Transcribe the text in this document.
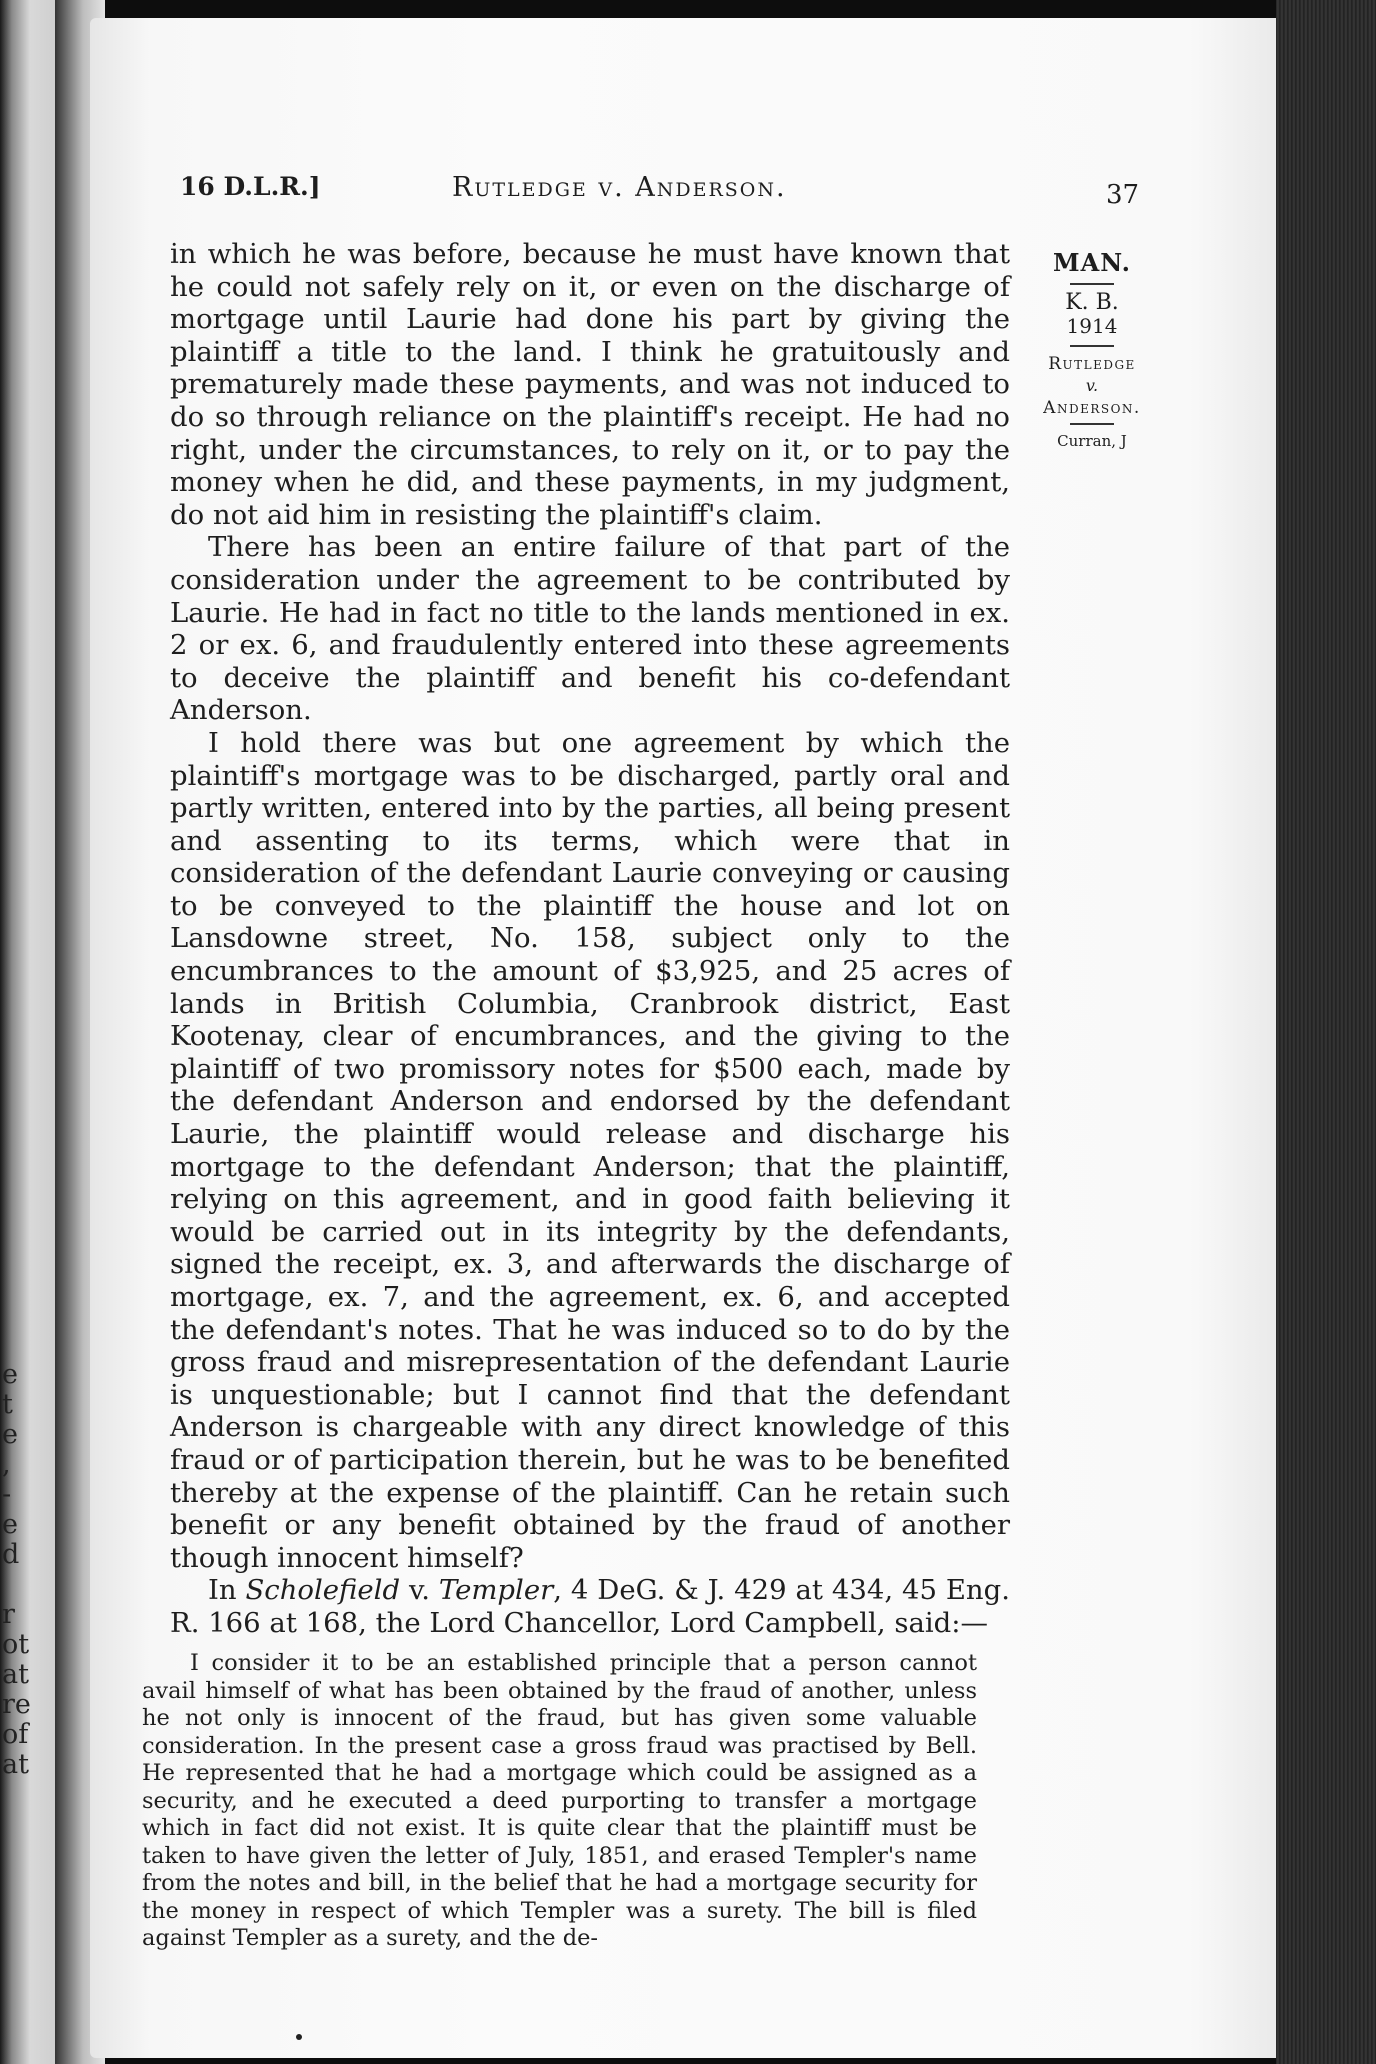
e
t
e
,
-
e
d
r
ot
at
re
of
at
16 D.L.R.]	Rutledge v. Anderson.	37
MAN.
K. B.
1914
Rutledge
v.
Anderson.
Curran, J

in which he was before, because he must have known that he could not safely rely on it, or even on the discharge of mortgage until Laurie had done his part by giving the plaintiff a title to the land. I think he gratuitously and prematurely made these payments, and was not induced to do so through reliance on the plaintiff's receipt. He had no right, under the circumstances, to rely on it, or to pay the money when he did, and these payments, in my judgment, do not aid him in resisting the plaintiff's claim.

There has been an entire failure of that part of the consideration under the agreement to be contributed by Laurie. He had in fact no title to the lands mentioned in ex. 2 or ex. 6, and fraudulently entered into these agreements to deceive the plaintiff and benefit his co-defendant Anderson.

I hold there was but one agreement by which the plaintiff's mortgage was to be discharged, partly oral and partly written, entered into by the parties, all being present and assenting to its terms, which were that in consideration of the defendant Laurie conveying or causing to be conveyed to the plaintiff the house and lot on Lansdowne street, No. 158, subject only to the encumbrances to the amount of $3,925, and 25 acres of lands in British Columbia, Cranbrook district, East Kootenay, clear of encumbrances, and the giving to the plaintiff of two promissory notes for $500 each, made by the defendant Anderson and endorsed by the defendant Laurie, the plaintiff would release and discharge his mortgage to the defendant Anderson; that the plaintiff, relying on this agreement, and in good faith believing it would be carried out in its integrity by the defendants, signed the receipt, ex. 3, and afterwards the discharge of mortgage, ex. 7, and the agreement, ex. 6, and accepted the defendant's notes. That he was induced so to do by the gross fraud and misrepresentation of the defendant Laurie is unquestionable; but I cannot find that the defendant Anderson is chargeable with any direct knowledge of this fraud or of participation therein, but he was to be benefited thereby at the expense of the plaintiff. Can he retain such benefit or any benefit obtained by the fraud of another though innocent himself?

In Scholefield v. Templer, 4 DeG. & J. 429 at 434, 45 Eng. R. 166 at 168, the Lord Chancellor, Lord Campbell, said:—

I consider it to be an established principle that a person cannot avail himself of what has been obtained by the fraud of another, unless he not only is innocent of the fraud, but has given some valuable consideration. In the present case a gross fraud was practised by Bell. He represented that he had a mortgage which could be assigned as a security, and he executed a deed purporting to transfer a mortgage which in fact did not exist. It is quite clear that the plaintiff must be taken to have given the letter of July, 1851, and erased Templer's name from the notes and bill, in the belief that he had a mortgage security for the money in respect of which Templer was a surety. The bill is filed against Templer as a surety, and the de-
